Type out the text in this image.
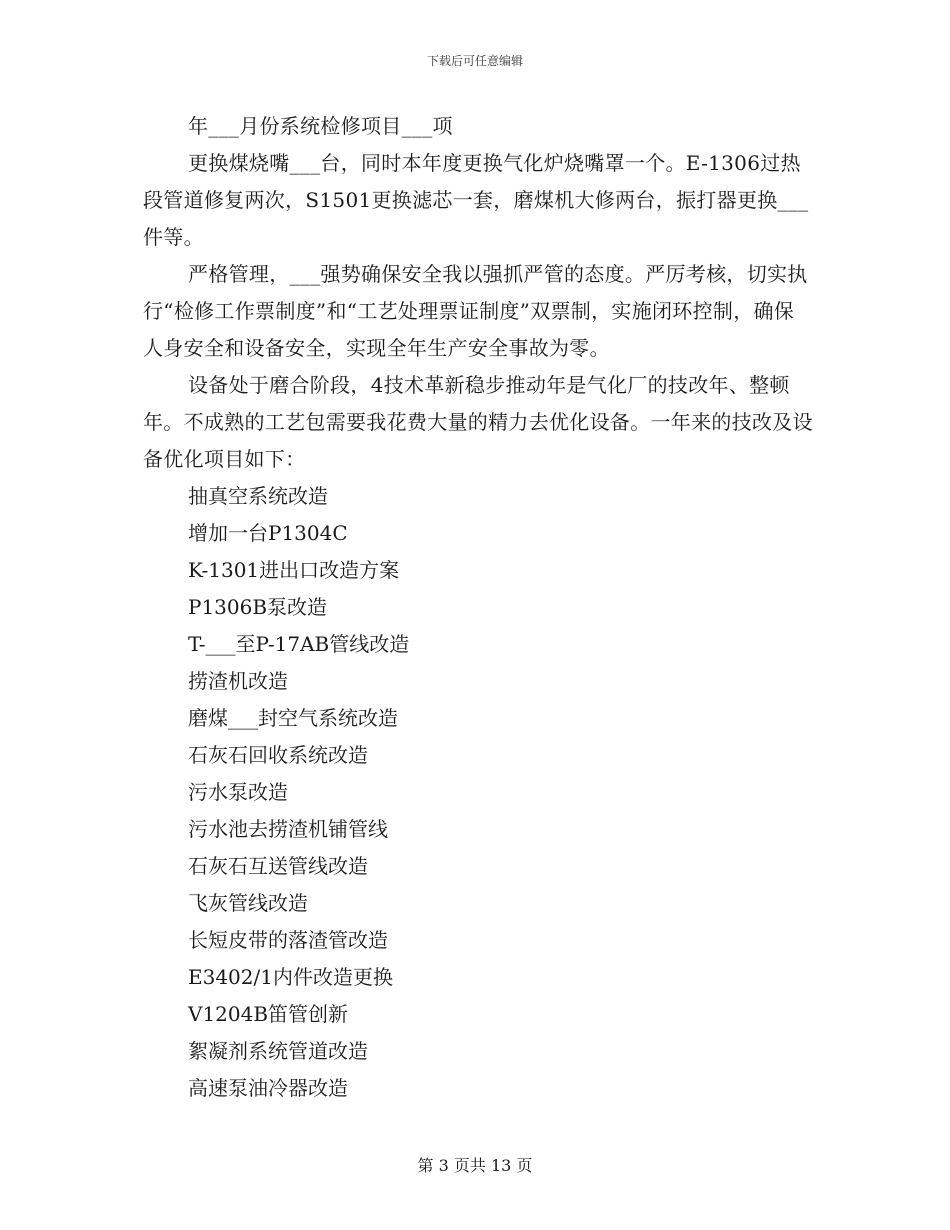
下载后可任意编辑

年___月份系统检修项目___项

更换煤烧嘴___台，同时本年度更换气化炉烧嘴罩一个。E-1306过热段管道修复两次，S1501更换滤芯一套，磨煤机大修两台，振打器更换___件等。

严格管理，___强势确保安全我以强抓严管的态度。严厉考核，切实执行“检修工作票制度”和“工艺处理票证制度”双票制，实施闭环控制，确保人身安全和设备安全，实现全年生产安全事故为零。

设备处于磨合阶段，4技术革新稳步推动年是气化厂的技改年、整顿年。不成熟的工艺包需要我花费大量的精力去优化设备。一年来的技改及设备优化项目如下：

抽真空系统改造
增加一台P1304C
K-1301进出口改造方案
P1306B泵改造
T-___至P-17AB管线改造
捞渣机改造
磨煤___封空气系统改造
石灰石回收系统改造
污水泵改造
污水池去捞渣机铺管线
石灰石互送管线改造
飞灰管线改造
长短皮带的落渣管改造
E3402/1内件改造更换
V1204B笛管创新
絮凝剂系统管道改造
高速泵油冷器改造
第 3 页共 13 页
